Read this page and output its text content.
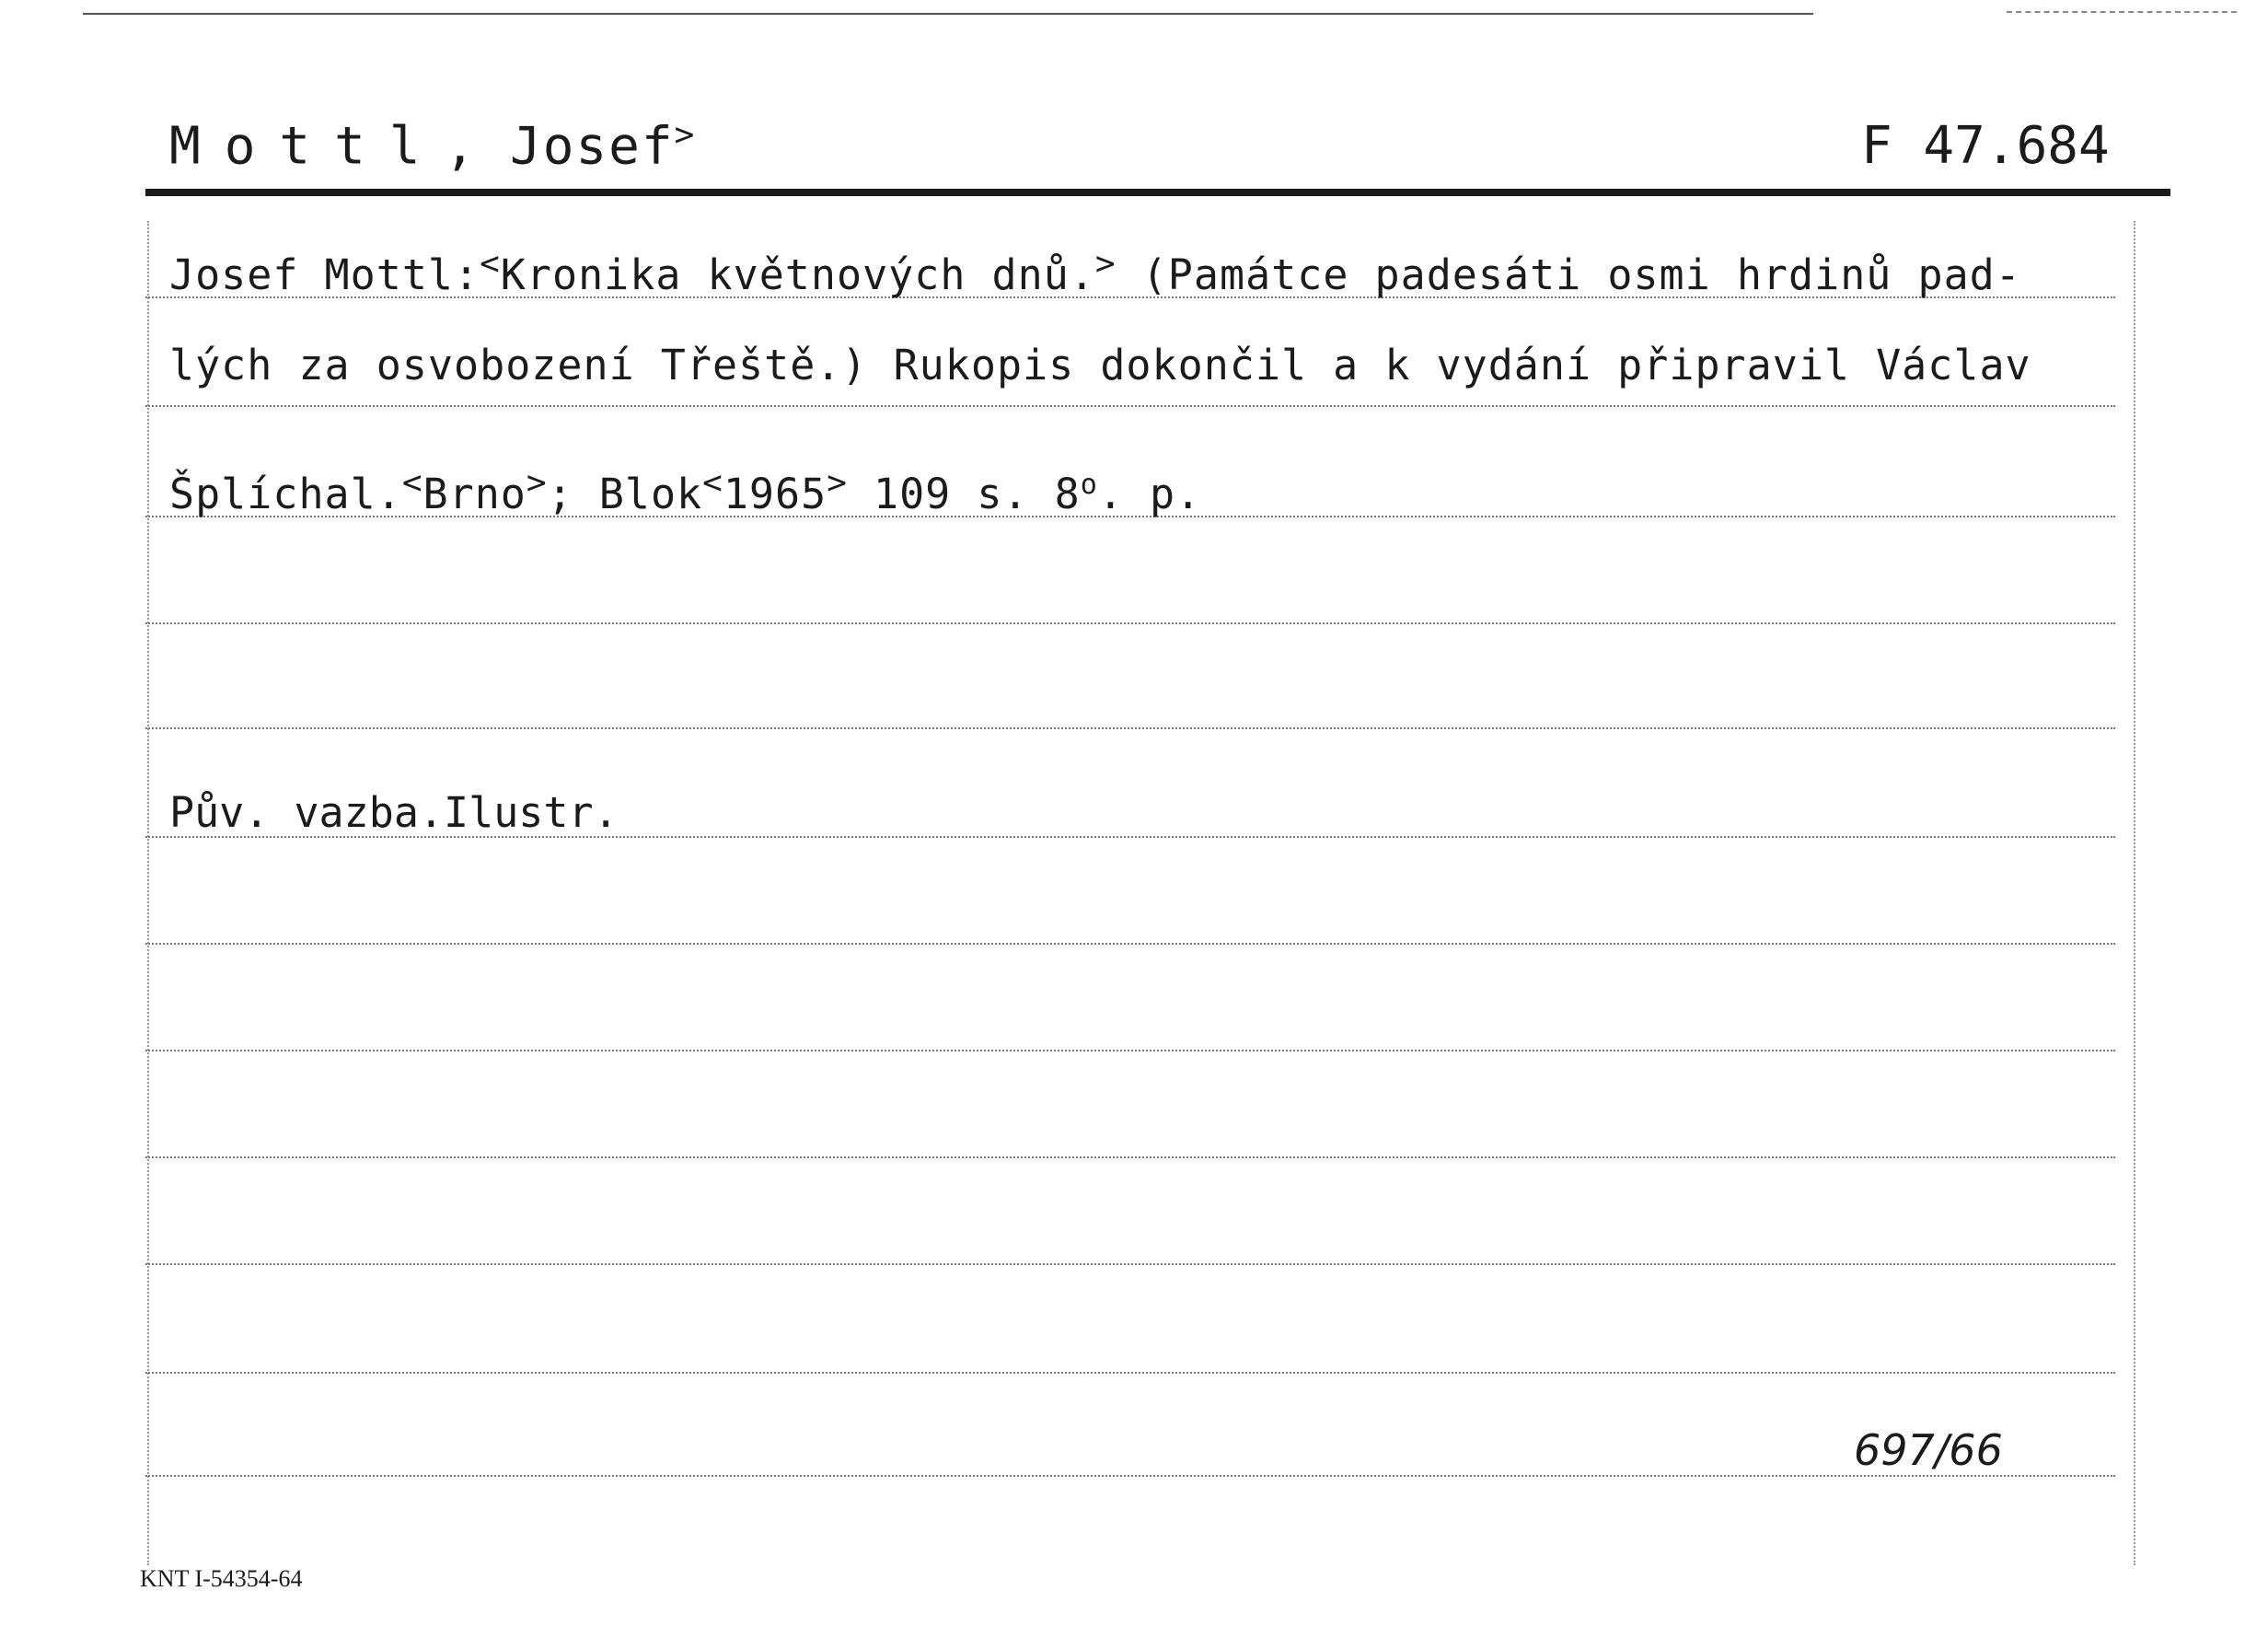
Mottl, Josef>	F 47.684
Josef Mottl:<Kronika květnových dnů.> (Památce padesáti osmi hrdinů pad-
lých za osvobození Třeště.) Rukopis dokončil a k vydání připravil Václav
Šplíchal.<Brno>; Blok<1965> 109 s. 8$^o$. p.
Pův. vazba.Ilustr.
697/66
KNT I-54354-64
